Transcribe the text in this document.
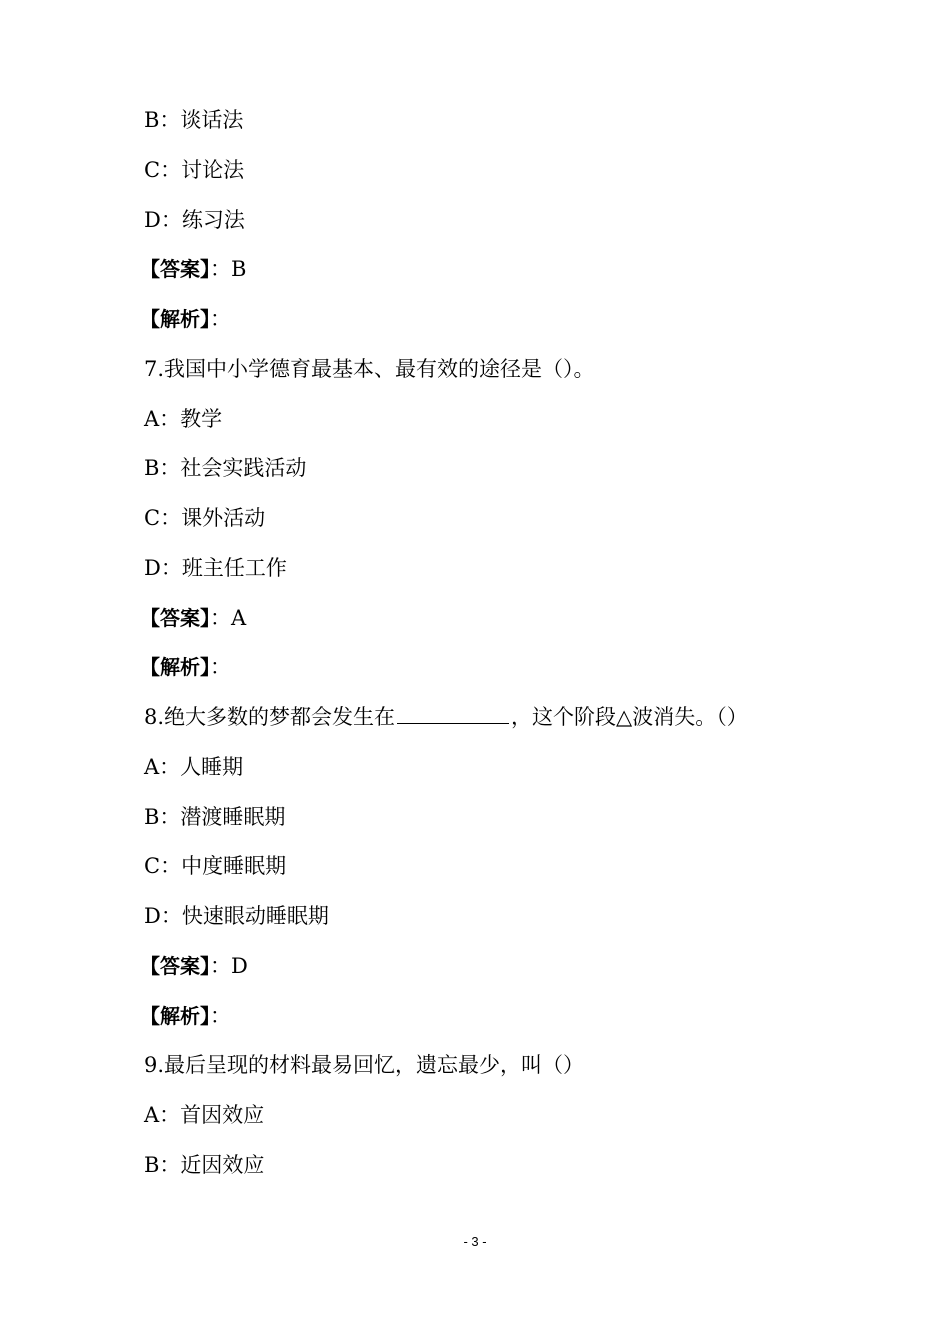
B：谈话法
C：讨论法
D：练习法
【答案】：B
【解析】：
7.我国中小学德育最基本、最有效的途径是（）。
A：教学
B：社会实践活动
C：课外活动
D：班主任工作
【答案】：A
【解析】：
8.绝大多数的梦都会发生在	，这个阶段△波消失。（）
A：人睡期
B：潜渡睡眠期
C：中度睡眠期
D：快速眼动睡眠期
【答案】：D
【解析】：
9.最后呈现的材料最易回忆，遗忘最少，叫（）
A：首因效应
B：近因效应
- 3 -
